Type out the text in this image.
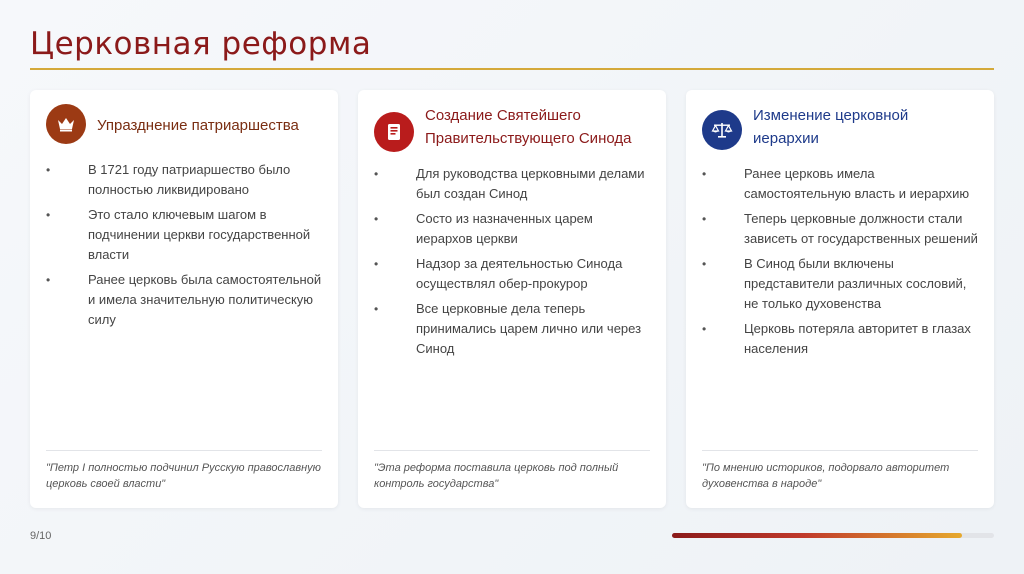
Церковная реформа
Упразднение патриаршества
• В 1721 году патриаршество было полностью ликвидировано
• Это стало ключевым шагом в подчинении церкви государственной власти
• Ранее церковь была самостоятельной и имела значительную политическую силу
"Петр I полностью подчинил Русскую православную церковь своей власти"
Создание Святейшего Правительствующего Синода
• Для руководства церковными делами был создан Синод
• Состо из назначенных царем иерархов церкви
• Надзор за деятельностью Синода осуществлял обер-прокурор
• Все церковные дела теперь принимались царем лично или через Синод
"Эта реформа поставила церковь под полный контроль государства"
Изменение церковной иерархии
• Ранее церковь имела самостоятельную власть и иерархию
• Теперь церковные должности стали зависеть от государственных решений
• В Синод были включены представители различных сословий, не только духовенства
• Церковь потеряла авторитет в глазах населения
"По мнению историков, подорвало авторитет духовенства в народе"
9/10
